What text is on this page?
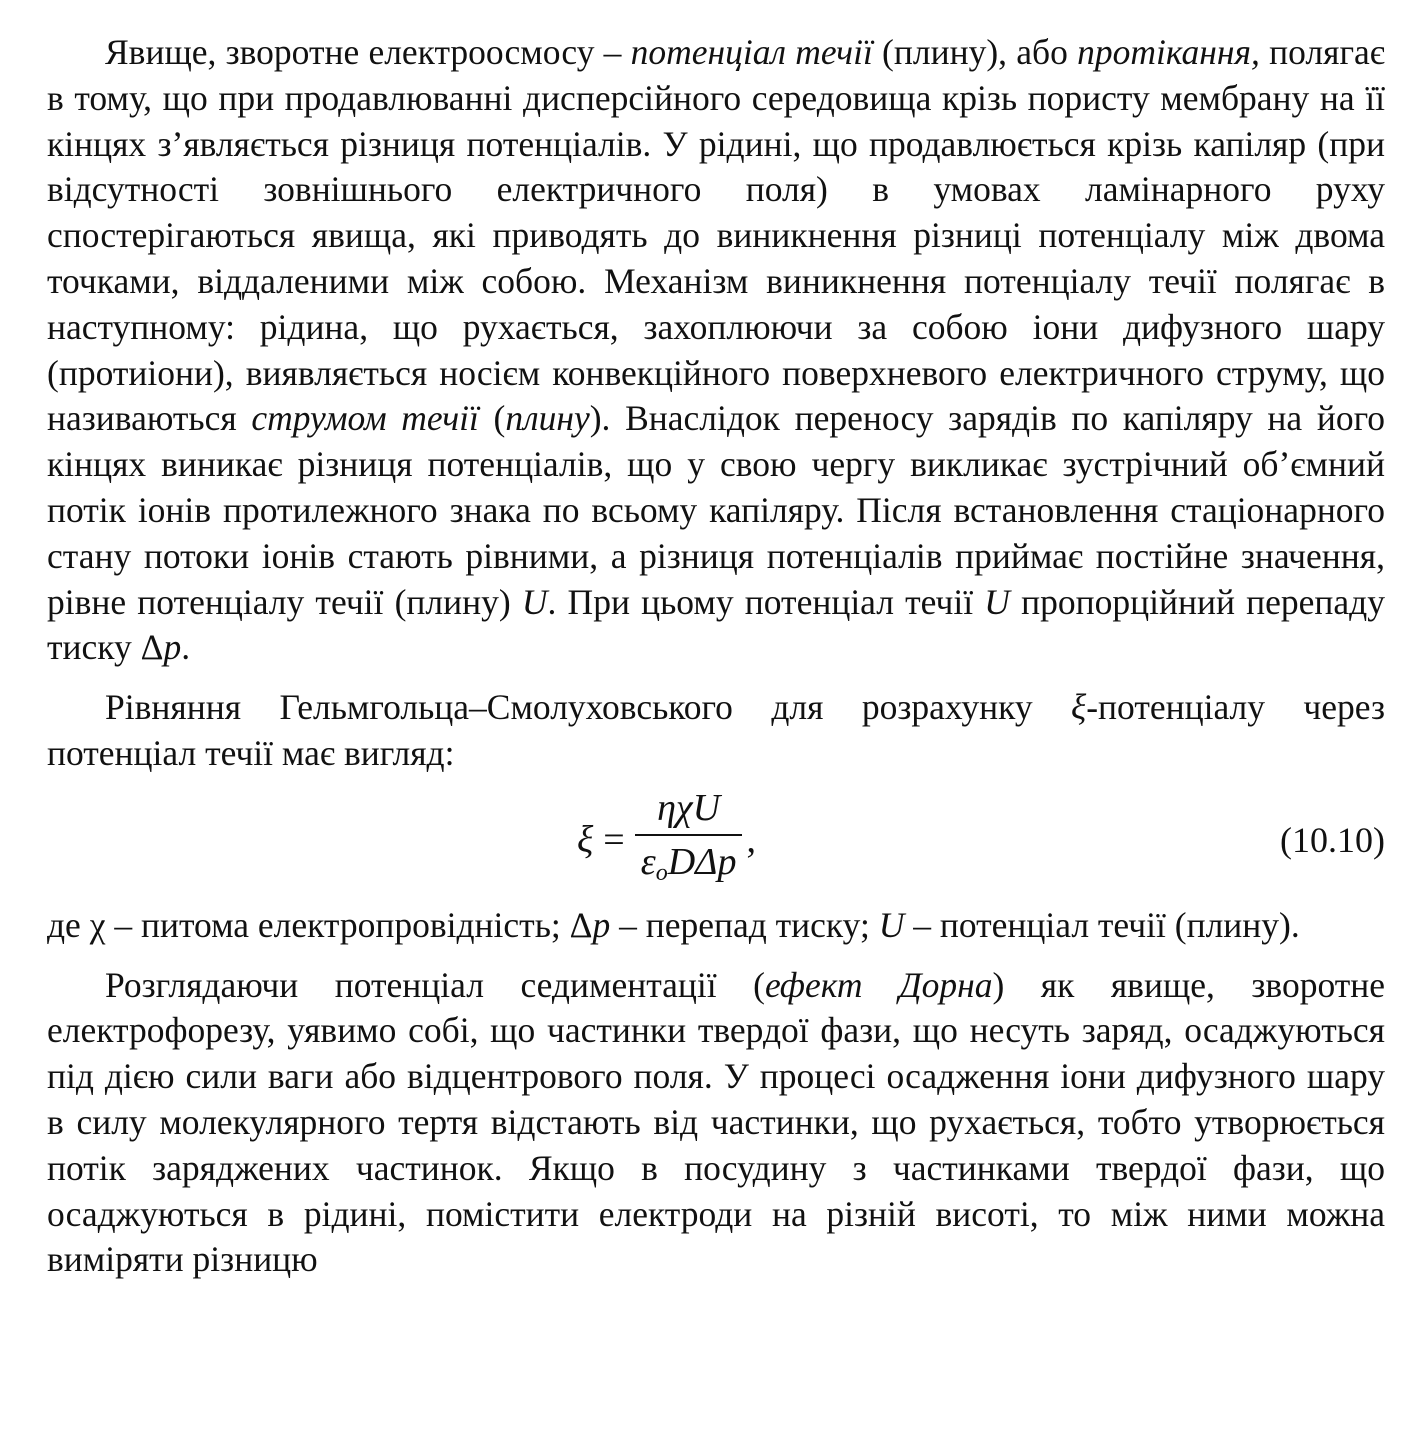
Явище, зворотне електроосмосу – потенціал течії (плину), або протікання, полягає в тому, що при продавлюванні дисперсійного середовища крізь пористу мембрану на її кінцях з’являється різниця потенціалів. У рідині, що продавлюється крізь капіляр (при відсутності зовнішнього електричного поля) в умовах ламінарного руху спостерігаються явища, які приводять до виникнення різниці потенціалу між двома точками, віддаленими між собою. Механізм виникнення потенціалу течії полягає в наступному: рідина, що рухається, захоплюючи за собою іони дифузного шару (протиіони), виявляється носієм конвекційного поверхневого електричного струму, що називаються струмом течії (плину). Внаслідок переносу зарядів по капіляру на його кінцях виникає різниця потенціалів, що у свою чергу викликає зустрічний об’ємний потік іонів протилежного знака по всьому капіляру. Після встановлення стаціонарного стану потоки іонів стають рівними, а різниця потенціалів приймає постійне значення, рівне потенціалу течії (плину) U. При цьому потенціал течії U пропорційний перепаду тиску Δp.

Рівняння Гельмгольца–Смолуховського для розрахунку ξ-потенціалу через потенціал течії має вигляд:

$\xi = \frac{\text{ηχU}}{\varepsilon_oD\Delta p}$ ,	(10.10)

де χ – питома електропровідність; Δp – перепад тиску; U – потенціал течії (плину).

Розглядаючи потенціал седиментації (ефект Дорна) як явище, зворотне електрофорезу, уявимо собі, що частинки твердої фази, що несуть заряд, осаджуються під дією сили ваги або відцентрового поля. У процесі осадження іони дифузного шару в силу молекулярного тертя відстають від частинки, що рухається, тобто утворюється потік заряджених частинок. Якщо в посудину з частинками твердої фази, що осаджуються в рідині, помістити електроди на різній висоті, то між ними можна виміряти різницю
